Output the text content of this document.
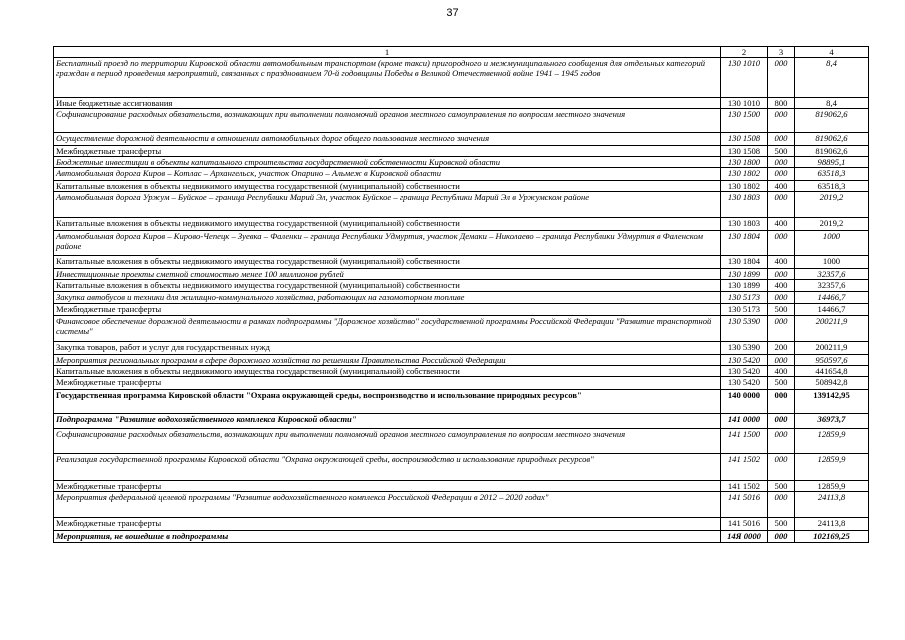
37
1	2	3	4
Бесплатный проезд по территории Кировской области автомобильным транспортом (кроме такси) пригородного и межмуниципального сообщения для отдельных категорий граждан в период проведения мероприятий, связанных с празднованием 70-й годовщины Победы в Великой Отечественной войне 1941 – 1945 годов	130 1010	000	8,4
Иные бюджетные ассигнования	130 1010	800	8,4
Софинансирование расходных обязательств, возникающих при выполнении полномочий органов местного самоуправления по вопросам местного значения	130 1500	000	819062,6
Осуществление дорожной деятельности в отношении автомобильных дорог общего пользования местного значения	130 1508	000	819062,6
Межбюджетные трансферты	130 1508	500	819062,6
Бюджетные инвестиции в объекты капитального строительства государственной собственности Кировской области	130 1800	000	98895,1
Автомобильная дорога Киров – Котлас – Архангельск, участок Опарино – Альмеж в Кировской области	130 1802	000	63518,3
Капитальные вложения в объекты недвижимого имущества государственной (муниципальной) собственности	130 1802	400	63518,3
Автомобильная дорога Уржум – Буйское – граница Республики Марий Эл, участок Буйское – граница Республики Марий Эл в Уржумском районе	130 1803	000	2019,2
Капитальные вложения в объекты недвижимого имущества государственной (муниципальной) собственности	130 1803	400	2019,2
Автомобильная дорога Киров – Кирово-Чепецк – Зуевка – Фаленки – граница Республики Удмуртия, участок Демаки – Николаево – граница Республики Удмуртия в Фаленском районе	130 1804	000	1000
Капитальные вложения в объекты недвижимого имущества государственной (муниципальной) собственности	130 1804	400	1000
Инвестиционные проекты сметной стоимостью менее 100 миллионов рублей	130 1899	000	32357,6
Капитальные вложения в объекты недвижимого имущества государственной (муниципальной) собственности	130 1899	400	32357,6
Закупка автобусов и техники для жилищно-коммунального хозяйства, работающих на газомоторном топливе	130 5173	000	14466,7
Межбюджетные трансферты	130 5173	500	14466,7
Финансовое обеспечение дорожной деятельности в рамках подпрограммы "Дорожное хозяйство" государственной программы Российской Федерации "Развитие транспортной системы"	130 5390	000	200211,9
Закупка товаров, работ и услуг для государственных нужд	130 5390	200	200211,9
Мероприятия региональных программ в сфере дорожного хозяйства по решениям Правительства Российской Федерации	130 5420	000	950597,6
Капитальные вложения в объекты недвижимого имущества государственной (муниципальной) собственности	130 5420	400	441654,8
Межбюджетные трансферты	130 5420	500	508942,8
Государственная программа Кировской области "Охрана окружающей среды, воспроизводство и использование природных ресурсов"	140 0000	000	139142,95
Подпрограмма "Развитие водохозяйственного комплекса Кировской области"	141 0000	000	36973,7
Софинансирование расходных обязательств, возникающих при выполнении полномочий органов местного самоуправления по вопросам местного значения	141 1500	000	12859,9
Реализация государственной программы Кировской области "Охрана окружающей среды, воспроизводство и использование природных ресурсов"	141 1502	000	12859,9
Межбюджетные трансферты	141 1502	500	12859,9
Мероприятия федеральной целевой программы "Развитие водохозяйственного комплекса Российской Федерации в 2012 – 2020 годах"	141 5016	000	24113,8
Межбюджетные трансферты	141 5016	500	24113,8
Мероприятия, не вошедшие в подпрограммы	14Я 0000	000	102169,25
